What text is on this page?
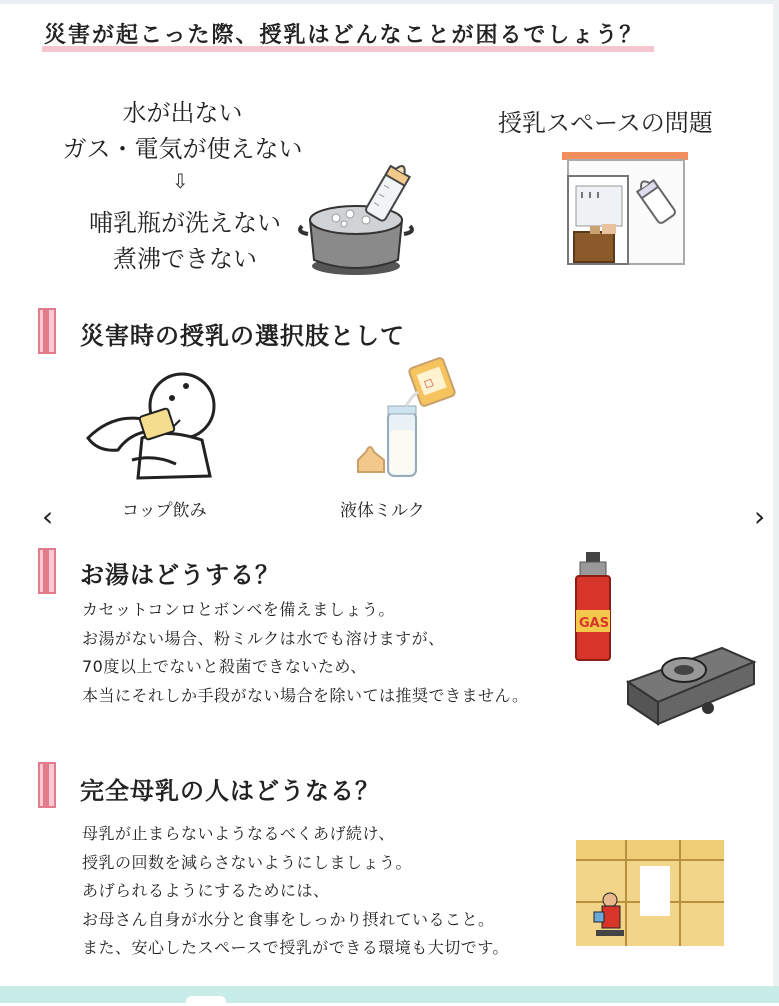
災害が起こった際、授乳はどんなことが困るでしょう？
水が出ない
ガス・電気が使えない
⇩
哺乳瓶が洗えない
煮沸できない
授乳スペースの問題
災害時の授乳の選択肢として
コップ飲み
☐
液体ミルク
‹	›
お湯はどうする？
カセットコンロとボンベを備えましょう。
お湯がない場合、粉ミルクは水でも溶けますが、
70度以上でないと殺菌できないため、
本当にそれしか手段がない場合を除いては推奨できません。
GAS
完全母乳の人はどうなる？
母乳が止まらないようなるべくあげ続け、
授乳の回数を減らさないようにしましょう。
あげられるようにするためには、
お母さん自身が水分と食事をしっかり摂れていること。
また、安心したスペースで授乳ができる環境も大切です。
